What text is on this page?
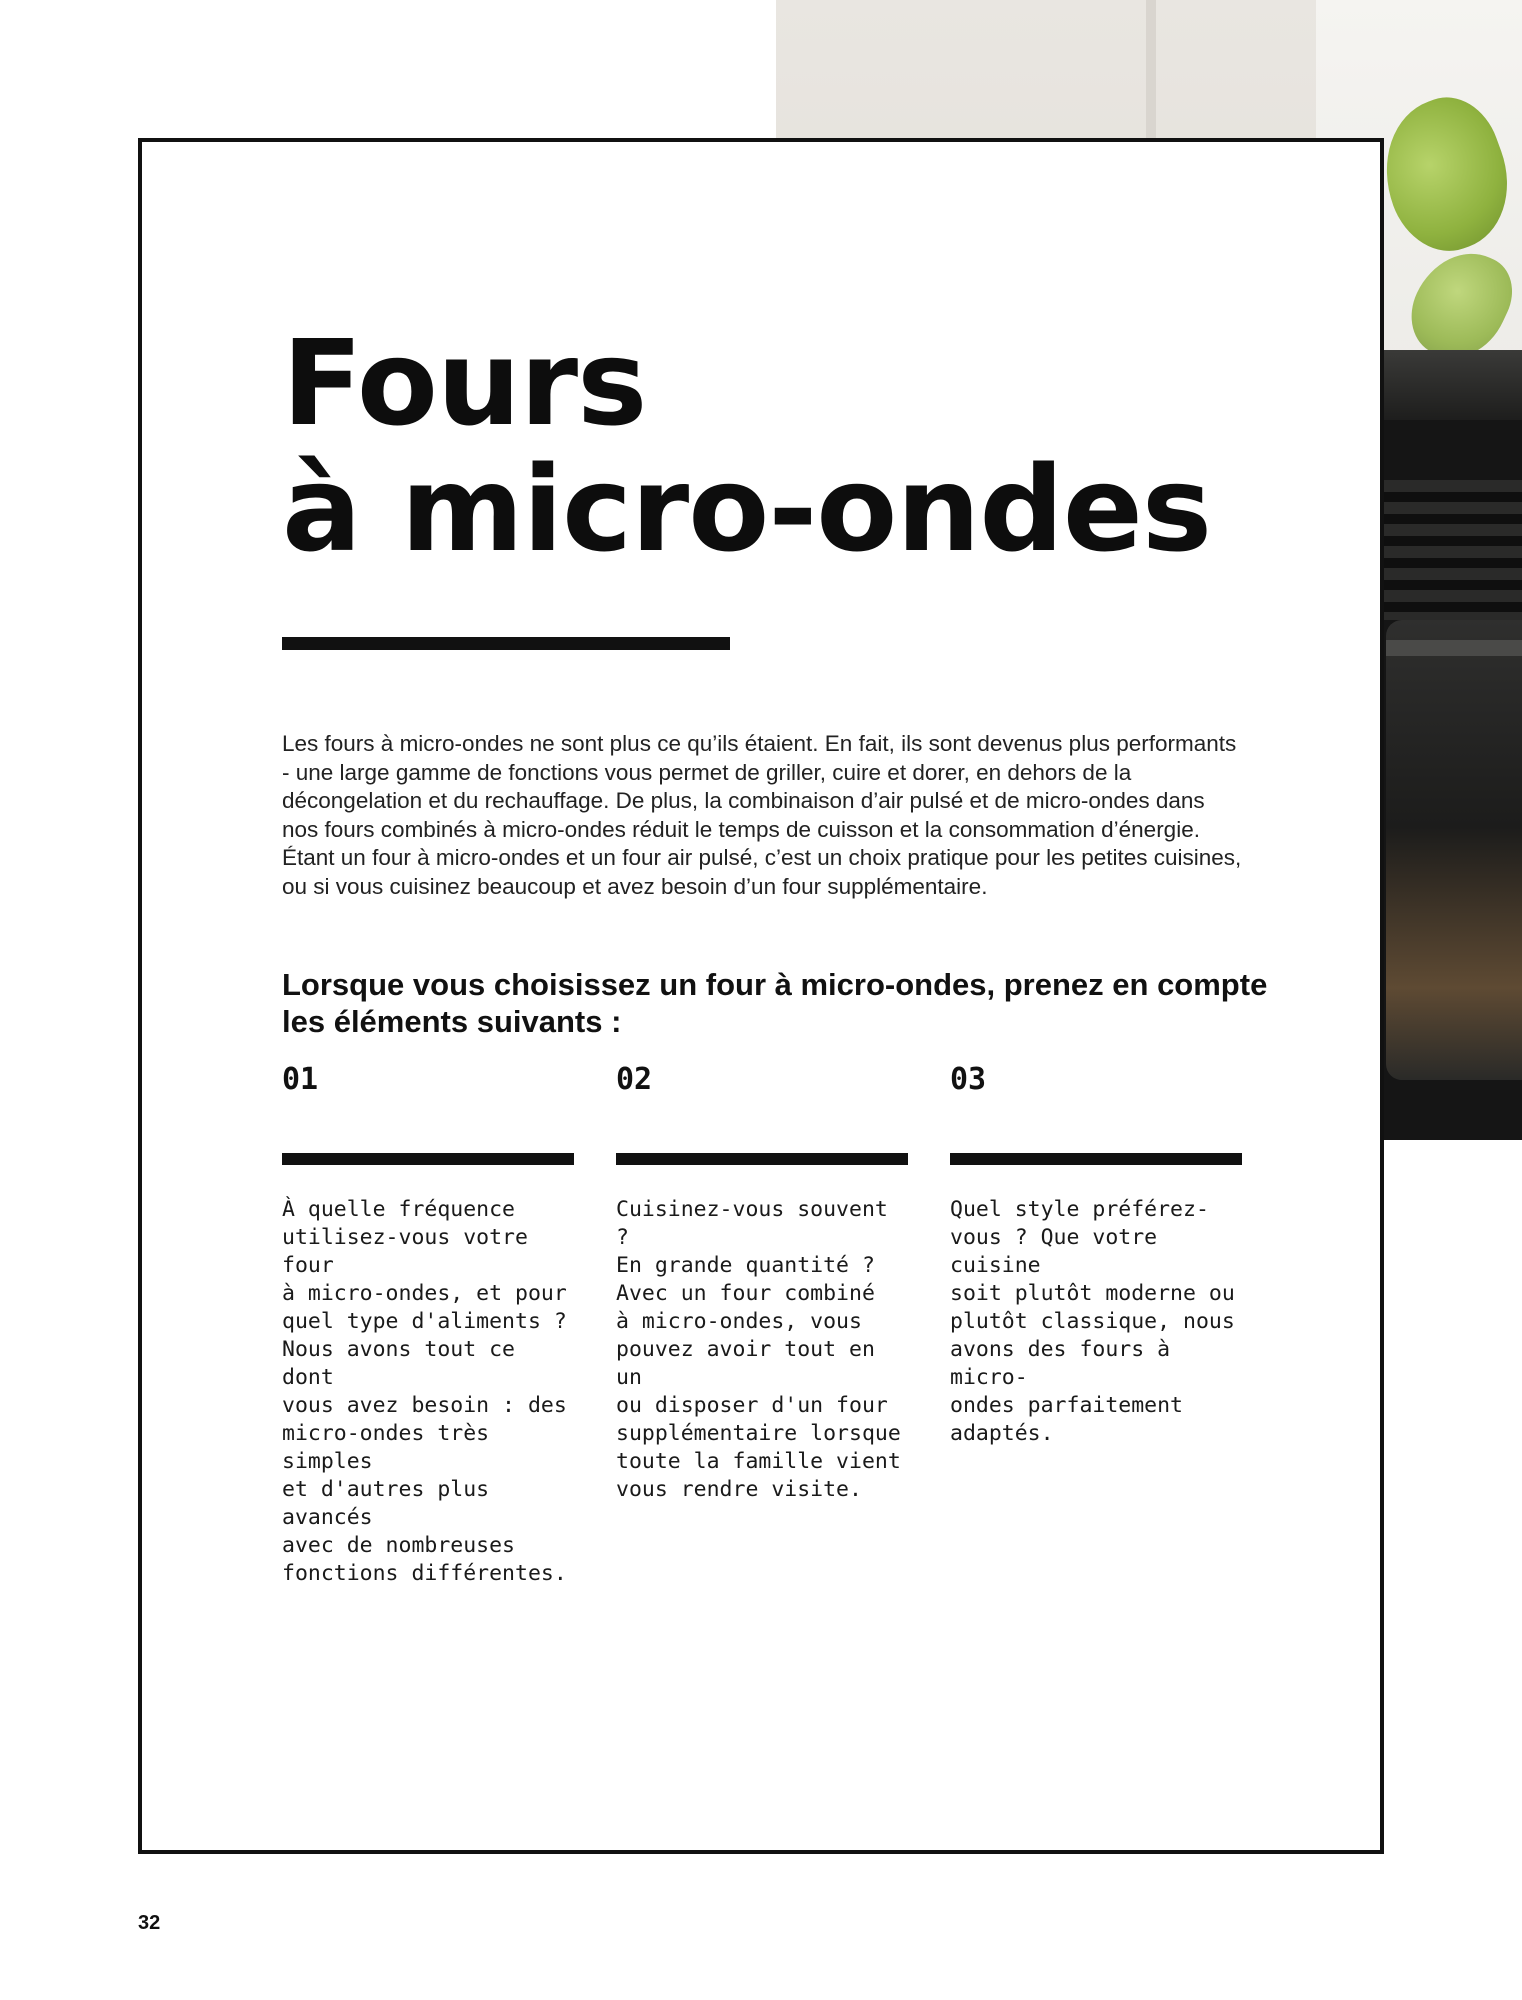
Fours
à micro-ondes

Les fours à micro-ondes ne sont plus ce qu’ils étaient. En fait, ils sont devenus plus performants - une large gamme de fonctions vous permet de griller, cuire et dorer, en dehors de la décongelation et du rechauffage. De plus, la combinaison d’air pulsé et de micro-ondes dans nos fours combinés à micro-ondes réduit le temps de cuisson et la consommation d’énergie. Étant un four à micro-ondes et un four air pulsé, c’est un choix pratique pour les petites cuisines, ou si vous cuisinez beaucoup et avez besoin d’un four supplémentaire.

Lorsque vous choisissez un four à micro-ondes, prenez en compte les éléments suivants :

01

À quelle fréquence
utilisez-vous votre four
à micro-ondes, et pour
quel type d'aliments ?
Nous avons tout ce dont
vous avez besoin : des
micro-ondes très simples
et d'autres plus avancés
avec de nombreuses
fonctions différentes.

02

Cuisinez-vous souvent ?
En grande quantité ?
Avec un four combiné
à micro-ondes, vous
pouvez avoir tout en un
ou disposer d'un four
supplémentaire lorsque
toute la famille vient
vous rendre visite.

03

Quel style préférez-
vous ? Que votre cuisine
soit plutôt moderne ou
plutôt classique, nous
avons des fours à micro-
ondes parfaitement
adaptés.

32
